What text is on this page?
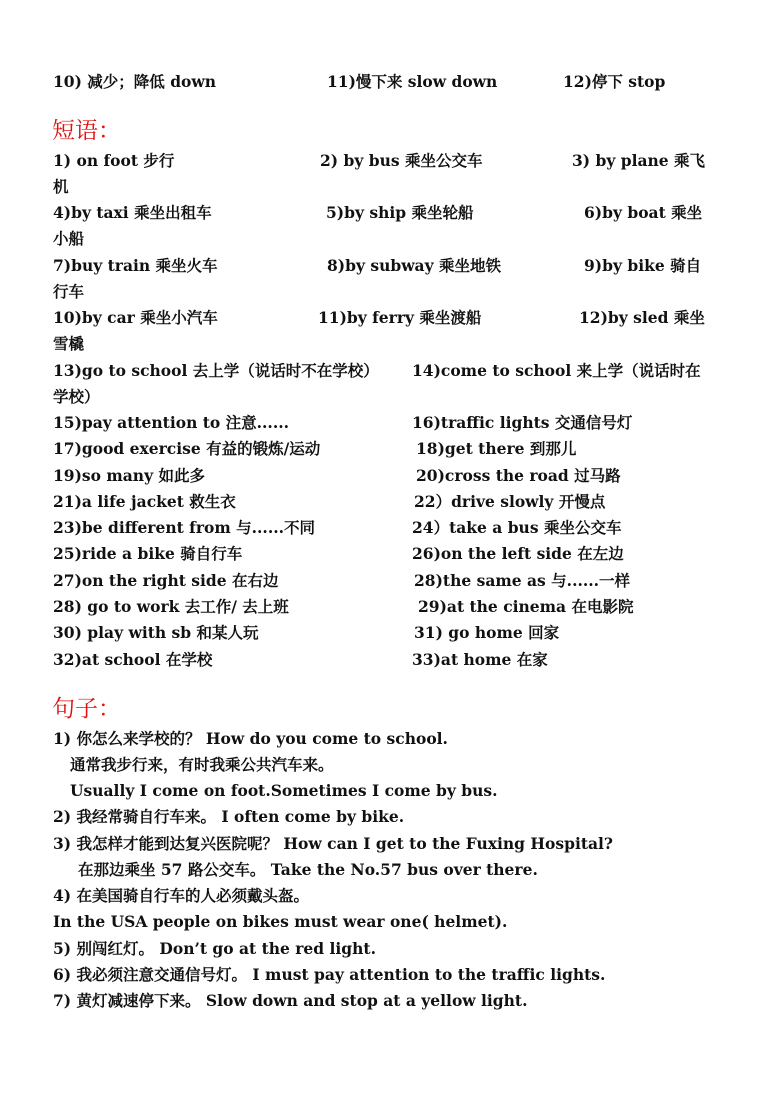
10) 减少；降低 down	11)慢下来 slow down	12)停下 stop
短语：
1) on foot 步行	2) by bus 乘坐公交车	3) by plane 乘飞
机
4)by taxi 乘坐出租车	5)by ship 乘坐轮船	6)by boat 乘坐
小船
7)buy train 乘坐火车	8)by subway 乘坐地铁	9)by bike 骑自
行车
10)by car 乘坐小汽车	11)by ferry 乘坐渡船	12)by sled 乘坐
雪橇
13)go to school 去上学（说话时不在学校） 14)come to school 来上学（说话时在
学校）
15)pay attention to 注意......	16)traffic lights 交通信号灯
17)good exercise 有益的锻炼/运动	18)get there 到那儿
19)so many 如此多	20)cross the road 过马路
21)a life jacket 救生衣	22）drive slowly 开慢点
23)be different from 与......不同	24）take a bus 乘坐公交车
25)ride a bike 骑自行车	26)on the left side 在左边
27)on the right side 在右边	28)the same as 与......一样
28) go to work 去工作/ 去上班	29)at the cinema 在电影院
30) play with sb 和某人玩	31) go home 回家
32)at school 在学校	33)at home 在家
句子：
1) 你怎么来学校的？ How do you come to school.
通常我步行来，有时我乘公共汽车来。
Usually I come on foot.Sometimes I come by bus.
2) 我经常骑自行车来。 I often come by bike.
3) 我怎样才能到达复兴医院呢？ How can I get to the Fuxing Hospital?
在那边乘坐 57 路公交车。 Take the No.57 bus over there.
4) 在美国骑自行车的人必须戴头盔。
In the USA people on bikes must wear one( helmet).
5) 别闯红灯。 Don’t go at the red light.
6) 我必须注意交通信号灯。 I must pay attention to the traffic lights.
7) 黄灯减速停下来。 Slow down and stop at a yellow light.
